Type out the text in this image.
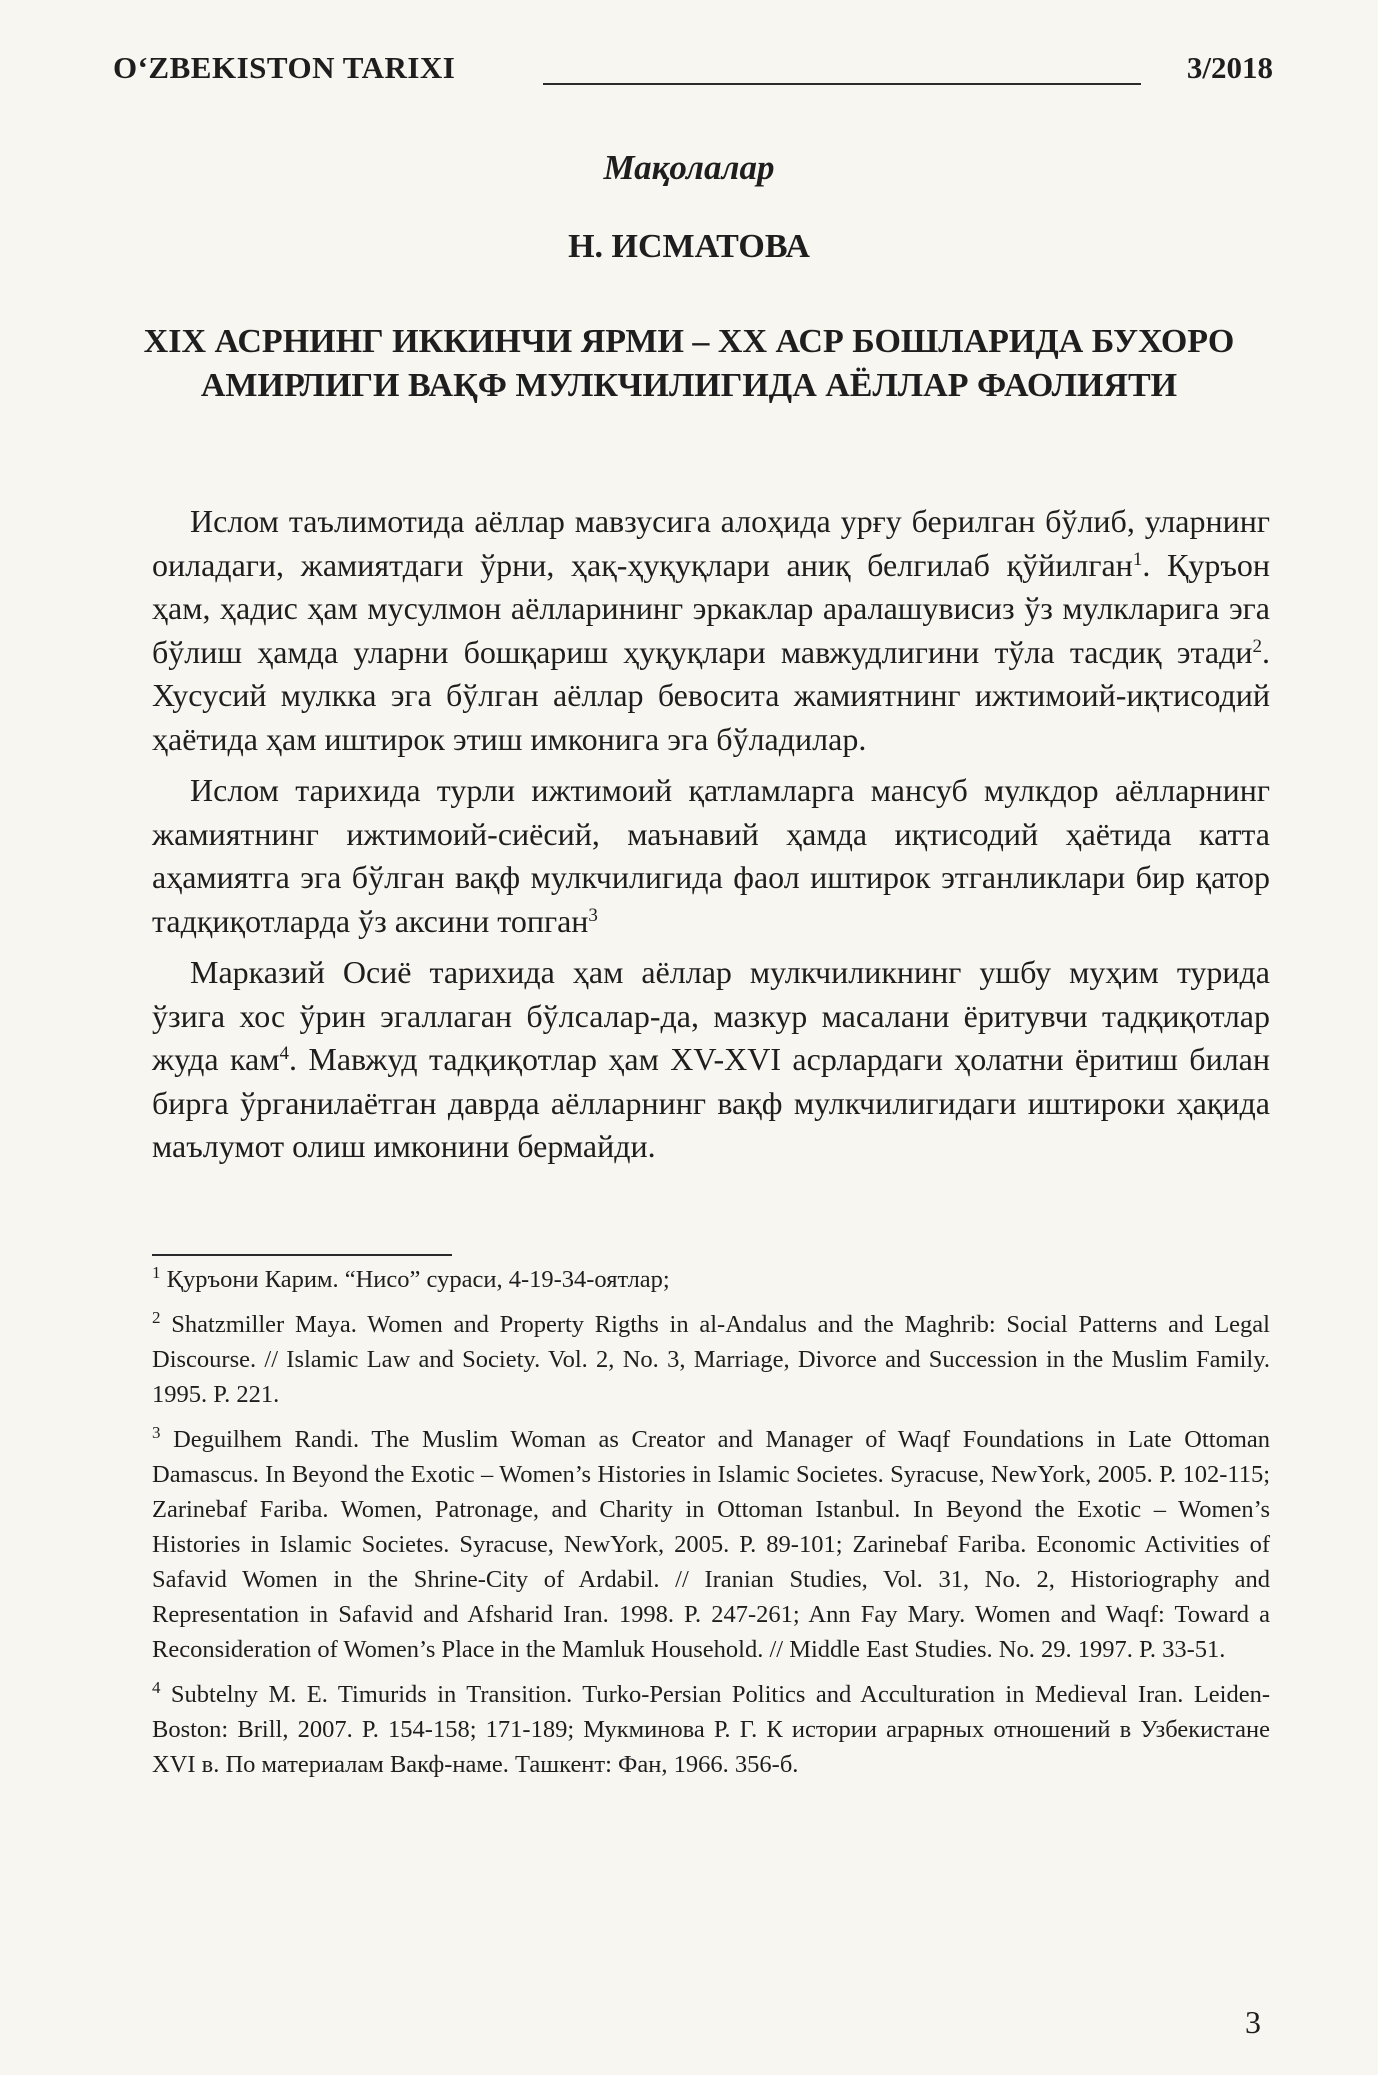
O‘ZBEKISTON TARIXI	3/2018
Мақолалар
Н. ИСМАТОВА
XIX АСРНИНГ ИККИНЧИ ЯРМИ – XX АСР БОШЛАРИДА БУХОРО АМИРЛИГИ ВАҚФ МУЛКЧИЛИГИДА АЁЛЛАР ФАОЛИЯТИ

Ислом таълимотида аёллар мавзусига алоҳида урғу берилган бўлиб, уларнинг оиладаги, жамиятдаги ўрни, ҳақ-ҳуқуқлари аниқ белгилаб қўйилган$^1$. Қуръон ҳам, ҳадис ҳам мусулмон аёлларининг эркаклар аралашувисиз ўз мулкларига эга бўлиш ҳамда уларни бошқариш ҳуқуқлари мавжудлигини тўла тасдиқ этади$^2$. Хусусий мулкка эга бўлган аёллар бевосита жамиятнинг ижтимоий-иқтисодий ҳаётида ҳам иштирок этиш имконига эга бўладилар.

Ислом тарихида турли ижтимоий қатламларга мансуб мулкдор аёлларнинг жамиятнинг ижтимоий-сиёсий, маънавий ҳамда иқтисодий ҳаётида катта аҳамиятга эга бўлган вақф мулкчилигида фаол иштирок этганликлари бир қатор тадқиқотларда ўз аксини топган$^3$

Марказий Осиё тарихида ҳам аёллар мулкчиликнинг ушбу муҳим турида ўзига хос ўрин эгаллаган бўлсалар-да, мазкур масалани ёритувчи тадқиқотлар жуда кам$^4$. Мавжуд тадқиқотлар ҳам XV-XVI асрлардаги ҳолатни ёритиш билан бирга ўрганилаётган даврда аёлларнинг вақф мулкчилигидаги иштироки ҳақида маълумот олиш имконини бермайди.

$^1$ Қуръони Карим. “Нисо” сураси, 4-19-34-оятлар;

$^2$ Shatzmiller Maya. Women and Property Rigths in al-Andalus and the Maghrib: Social Patterns and Legal Discourse. // Islamic Law and Society. Vol. 2, No. 3, Marriage, Divorce and Succession in the Muslim Family. 1995. P. 221.

$^3$ Deguilhem Randi. The Muslim Woman as Creator and Manager of Waqf Foundations in Late Ottoman Damascus. In Beyond the Exotic – Women’s Histories in Islamic Societes. Syracuse, NewYork, 2005. P. 102-115; Zarinebaf Fariba. Women, Patronage, and Charity in Ottoman Istanbul. In Beyond the Exotic – Women’s Histories in Islamic Societes. Syracuse, NewYork, 2005. P. 89-101; Zarinebaf Fariba. Economic Activities of Safavid Women in the Shrine-City of Ardabil. // Iranian Studies, Vol. 31, No. 2, Historiography and Representation in Safavid and Afsharid Iran. 1998. P. 247-261; Ann Fay Mary. Women and Waqf: Toward a Reconsideration of Women’s Place in the Mamluk Household. // Middle East Studies. No. 29. 1997. P. 33-51.

$^4$ Subtelny M. E. Timurids in Transition. Turko-Persian Politics and Acculturation in Medieval Iran. Leiden-Boston: Brill, 2007. P. 154-158; 171-189; Мукминова Р. Г. К истории аграрных отношений в Узбекистане XVI в. По материалам Вакф-наме. Ташкент: Фан, 1966. 356-б.

3
